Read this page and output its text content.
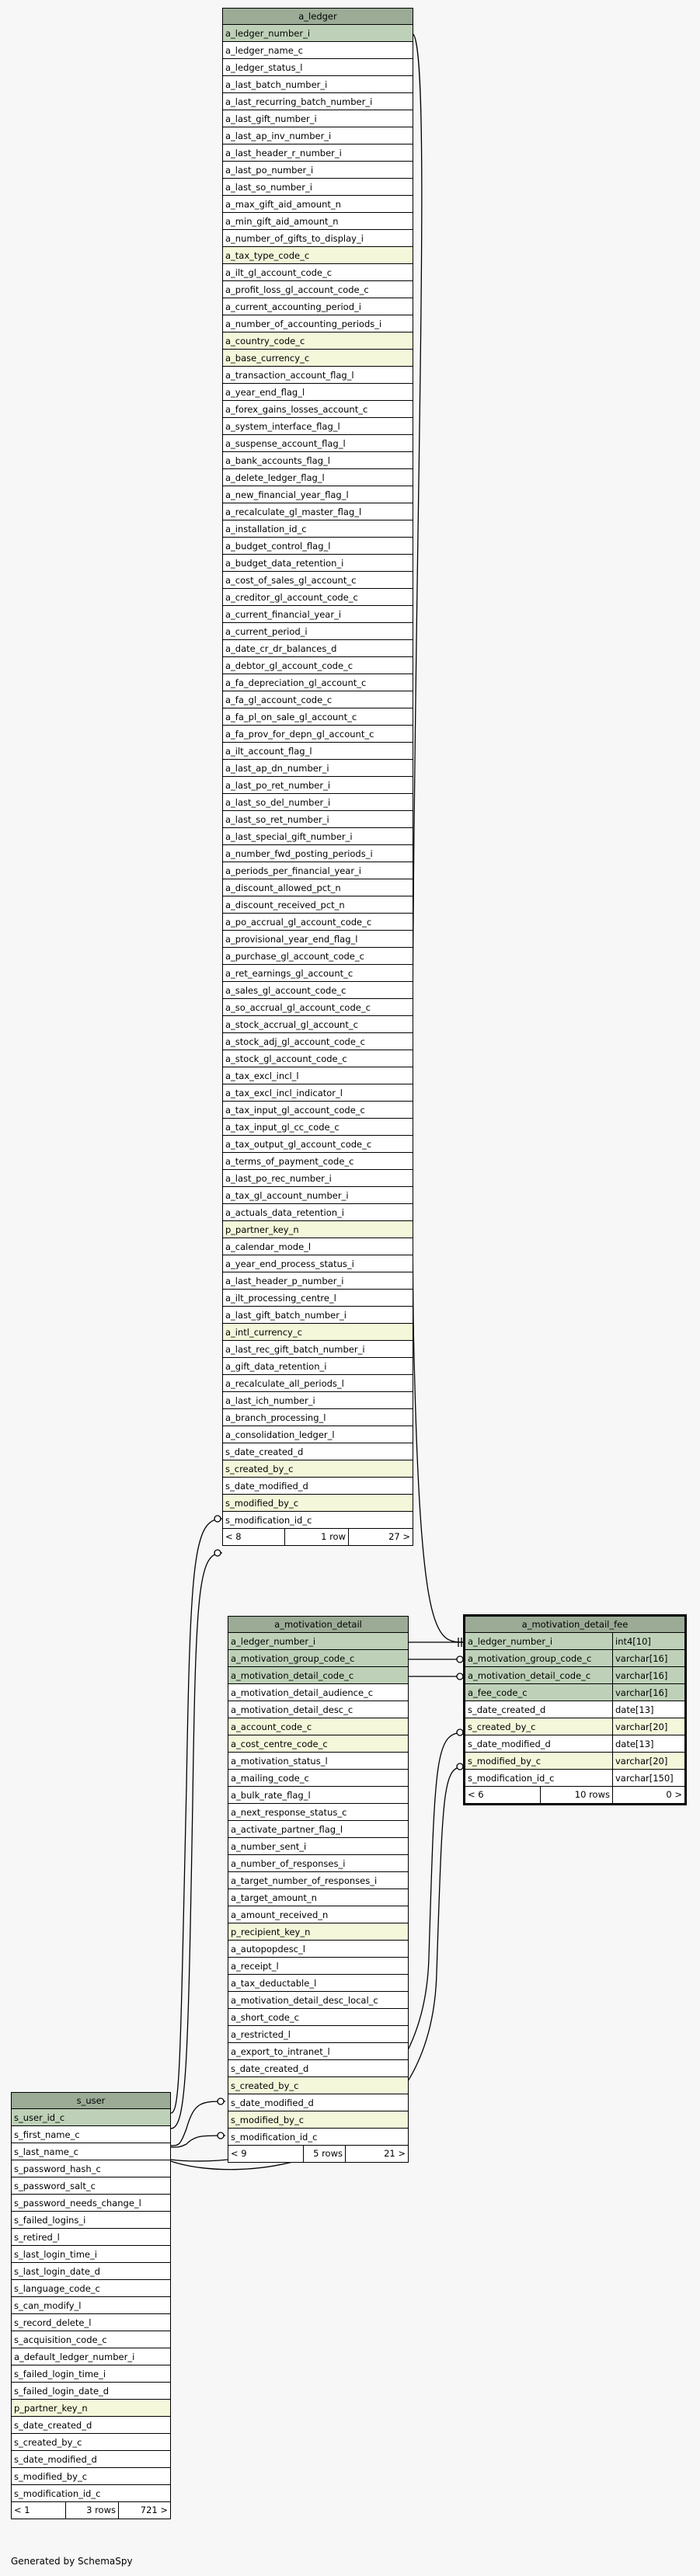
a_ledger
a_ledger_number_i
a_ledger_name_c
a_ledger_status_l
a_last_batch_number_i
a_last_recurring_batch_number_i
a_last_gift_number_i
a_last_ap_inv_number_i
a_last_header_r_number_i
a_last_po_number_i
a_last_so_number_i
a_max_gift_aid_amount_n
a_min_gift_aid_amount_n
a_number_of_gifts_to_display_i
a_tax_type_code_c
a_ilt_gl_account_code_c
a_profit_loss_gl_account_code_c
a_current_accounting_period_i
a_number_of_accounting_periods_i
a_country_code_c
a_base_currency_c
a_transaction_account_flag_l
a_year_end_flag_l
a_forex_gains_losses_account_c
a_system_interface_flag_l
a_suspense_account_flag_l
a_bank_accounts_flag_l
a_delete_ledger_flag_l
a_new_financial_year_flag_l
a_recalculate_gl_master_flag_l
a_installation_id_c
a_budget_control_flag_l
a_budget_data_retention_i
a_cost_of_sales_gl_account_c
a_creditor_gl_account_code_c
a_current_financial_year_i
a_current_period_i
a_date_cr_dr_balances_d
a_debtor_gl_account_code_c
a_fa_depreciation_gl_account_c
a_fa_gl_account_code_c
a_fa_pl_on_sale_gl_account_c
a_fa_prov_for_depn_gl_account_c
a_ilt_account_flag_l
a_last_ap_dn_number_i
a_last_po_ret_number_i
a_last_so_del_number_i
a_last_so_ret_number_i
a_last_special_gift_number_i
a_number_fwd_posting_periods_i
a_periods_per_financial_year_i
a_discount_allowed_pct_n
a_discount_received_pct_n
a_po_accrual_gl_account_code_c
a_provisional_year_end_flag_l
a_purchase_gl_account_code_c
a_ret_earnings_gl_account_c
a_sales_gl_account_code_c
a_so_accrual_gl_account_code_c
a_stock_accrual_gl_account_c
a_stock_adj_gl_account_code_c
a_stock_gl_account_code_c
a_tax_excl_incl_l
a_tax_excl_incl_indicator_l
a_tax_input_gl_account_code_c
a_tax_input_gl_cc_code_c
a_tax_output_gl_account_code_c
a_terms_of_payment_code_c
a_last_po_rec_number_i
a_tax_gl_account_number_i
a_actuals_data_retention_i
p_partner_key_n
a_calendar_mode_l
a_year_end_process_status_i
a_last_header_p_number_i
a_ilt_processing_centre_l
a_last_gift_batch_number_i
a_intl_currency_c
a_last_rec_gift_batch_number_i
a_gift_data_retention_i
a_recalculate_all_periods_l
a_last_ich_number_i
a_branch_processing_l
a_consolidation_ledger_l
s_date_created_d
s_created_by_c
s_date_modified_d
s_modified_by_c
s_modification_id_c
< 8	1 row	27 >
a_motivation_detail
a_ledger_number_i
a_motivation_group_code_c
a_motivation_detail_code_c
a_motivation_detail_audience_c
a_motivation_detail_desc_c
a_account_code_c
a_cost_centre_code_c
a_motivation_status_l
a_mailing_code_c
a_bulk_rate_flag_l
a_next_response_status_c
a_activate_partner_flag_l
a_number_sent_i
a_number_of_responses_i
a_target_number_of_responses_i
a_target_amount_n
a_amount_received_n
p_recipient_key_n
a_autopopdesc_l
a_receipt_l
a_tax_deductable_l
a_motivation_detail_desc_local_c
a_short_code_c
a_restricted_l
a_export_to_intranet_l
s_date_created_d
s_created_by_c
s_date_modified_d
s_modified_by_c
s_modification_id_c
< 9	5 rows	21 >
a_motivation_detail_fee
a_ledger_number_i	int4[10]
a_motivation_group_code_c	varchar[16]
a_motivation_detail_code_c	varchar[16]
a_fee_code_c	varchar[16]
s_date_created_d	date[13]
s_created_by_c	varchar[20]
s_date_modified_d	date[13]
s_modified_by_c	varchar[20]
s_modification_id_c	varchar[150]
< 6	10 rows	0 >
s_user
s_user_id_c
s_first_name_c
s_last_name_c
s_password_hash_c
s_password_salt_c
s_password_needs_change_l
s_failed_logins_i
s_retired_l
s_last_login_time_i
s_last_login_date_d
s_language_code_c
s_can_modify_l
s_record_delete_l
s_acquisition_code_c
a_default_ledger_number_i
s_failed_login_time_i
s_failed_login_date_d
p_partner_key_n
s_date_created_d
s_created_by_c
s_date_modified_d
s_modified_by_c
s_modification_id_c
< 1	3 rows	721 >
Generated by SchemaSpy
